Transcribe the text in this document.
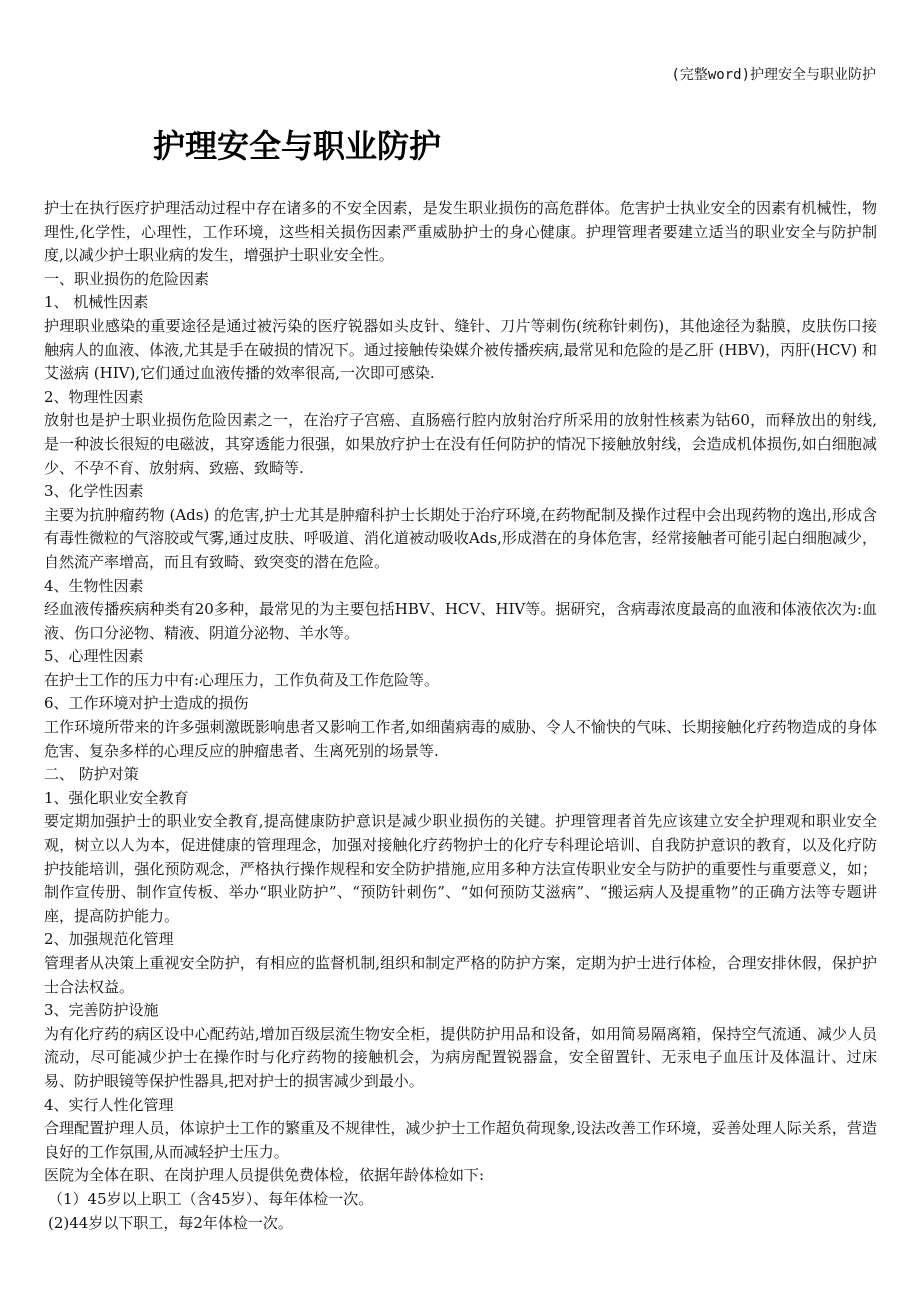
(完整word)护理安全与职业防护
护理安全与职业防护

护士在执行医疗护理活动过程中存在诸多的不安全因素，是发生职业损伤的高危群体。危害护士执业安全的因素有机械性，物理性,化学性，心理性，工作环境，这些相关损伤因素严重威胁护士的身心健康。护理管理者要建立适当的职业安全与防护制度,以减少护士职业病的发生，增强护士职业安全性。

一、职业损伤的危险因素

1、 机械性因素

护理职业感染的重要途径是通过被污染的医疗锐器如头皮针、缝针、刀片等刺伤(统称针刺伤)，其他途径为黏膜，皮肤伤口接触病人的血液、体液,尤其是手在破损的情况下。通过接触传染媒介被传播疾病,最常见和危险的是乙肝 (HBV)，丙肝(HCV) 和艾滋病 (HIV),它们通过血液传播的效率很高,一次即可感染.

2、物理性因素

放射也是护士职业损伤危险因素之一，在治疗子宫癌、直肠癌行腔内放射治疗所采用的放射性核素为钴60，而释放出的射线,是一种波长很短的电磁波，其穿透能力很强，如果放疗护士在没有任何防护的情况下接触放射线，会造成机体损伤,如白细胞减少、不孕不育、放射病、致癌、致畸等.

3、化学性因素

主要为抗肿瘤药物 (Ads) 的危害,护士尤其是肿瘤科护士长期处于治疗环境,在药物配制及操作过程中会出现药物的逸出,形成含有毒性微粒的气溶胶或气雾,通过皮肤、呼吸道、消化道被动吸收Ads,形成潜在的身体危害，经常接触者可能引起白细胞减少，自然流产率增高，而且有致畸、致突变的潜在危险。

4、生物性因素

经血液传播疾病种类有20多种，最常见的为主要包括HBV、HCV、HIV等。据研究，含病毒浓度最高的血液和体液依次为:血液、伤口分泌物、精液、阴道分泌物、羊水等。

5、心理性因素

在护士工作的压力中有:心理压力，工作负荷及工作危险等。

6、工作环境对护士造成的损伤

工作环境所带来的许多强刺激既影响患者又影响工作者,如细菌病毒的威胁、令人不愉快的气味、长期接触化疗药物造成的身体危害、复杂多样的心理反应的肿瘤患者、生离死别的场景等.

二、 防护对策

1、强化职业安全教育

要定期加强护士的职业安全教育,提高健康防护意识是减少职业损伤的关键。护理管理者首先应该建立安全护理观和职业安全观，树立以人为本，促进健康的管理理念，加强对接触化疗药物护士的化疗专科理论培训、自我防护意识的教育，以及化疗防护技能培训，强化预防观念，严格执行操作规程和安全防护措施,应用多种方法宣传职业安全与防护的重要性与重要意义，如；制作宣传册、制作宣传板、举办“职业防护”、“预防针刺伤”、“如何预防艾滋病”、“搬运病人及提重物”的正确方法等专题讲座，提高防护能力。

2、加强规范化管理

管理者从决策上重视安全防护，有相应的监督机制,组织和制定严格的防护方案，定期为护士进行体检，合理安排休假，保护护士合法权益。

3、完善防护设施

为有化疗药的病区设中心配药站,增加百级层流生物安全柜，提供防护用品和设备，如用简易隔离箱，保持空气流通、减少人员流动，尽可能减少护士在操作时与化疗药物的接触机会，为病房配置锐器盒，安全留置针、无汞电子血压计及体温计、过床易、防护眼镜等保护性器具,把对护士的损害减少到最小。

4、实行人性化管理

合理配置护理人员，体谅护士工作的繁重及不规律性，减少护士工作超负荷现象,设法改善工作环境，妥善处理人际关系，营造良好的工作氛围,从而减轻护士压力。

医院为全体在职、在岗护理人员提供免费体检，依据年龄体检如下:

（1）45岁以上职工（含45岁）、每年体检一次。

(2)44岁以下职工，每2年体检一次。
